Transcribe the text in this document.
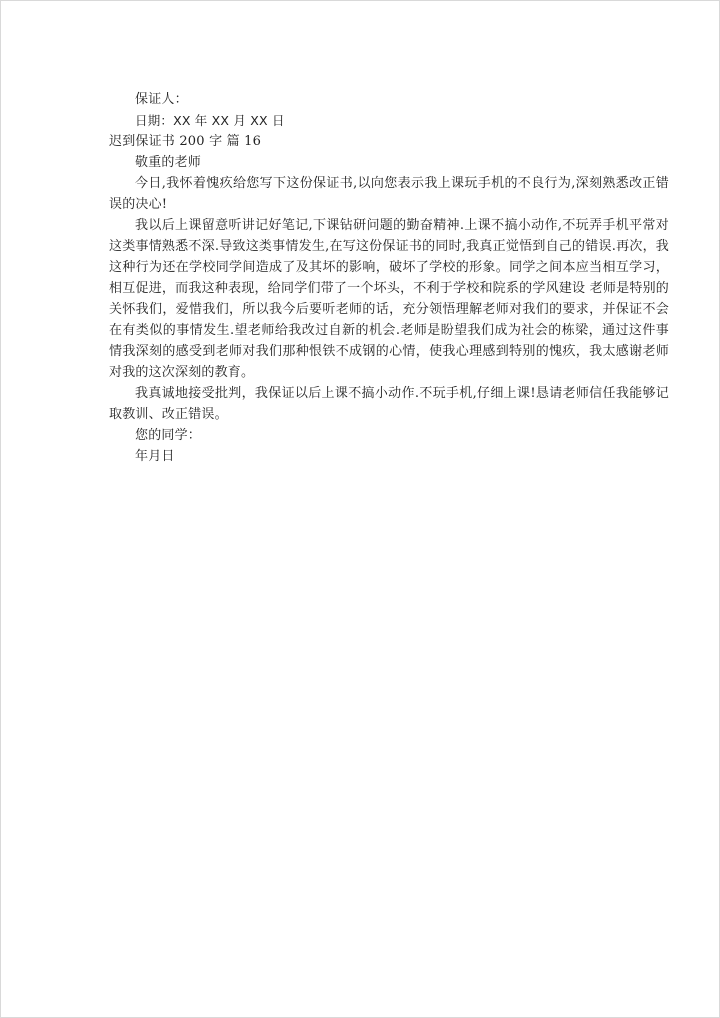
保证人：
日期：XX 年 XX 月 XX 日
迟到保证书 200 字 篇 16
敬重的老师
今日,我怀着愧疚给您写下这份保证书,以向您表示我上课玩手机的不良行为,深刻熟悉改正错误的决心!
我以后上课留意听讲记好笔记,下课钻研问题的勤奋精神.上课不搞小动作,不玩弄手机平常对这类事情熟悉不深.导致这类事情发生,在写这份保证书的同时,我真正觉悟到自己的错误.再次，我这种行为还在学校同学间造成了及其坏的影响，破坏了学校的形象。同学之间本应当相互学习，相互促进，而我这种表现，给同学们带了一个坏头，不利于学校和院系的学风建设 老师是特别的关怀我们，爱惜我们，所以我今后要听老师的话，充分领悟理解老师对我们的要求，并保证不会在有类似的事情发生.望老师给我改过自新的机会.老师是盼望我们成为社会的栋梁，通过这件事情我深刻的感受到老师对我们那种恨铁不成钢的心情，使我心理感到特别的愧疚，我太感谢老师对我的这次深刻的教育。
我真诚地接受批判，我保证以后上课不搞小动作.不玩手机,仔细上课!恳请老师信任我能够记取教训、改正错误。
您的同学：
年月日
